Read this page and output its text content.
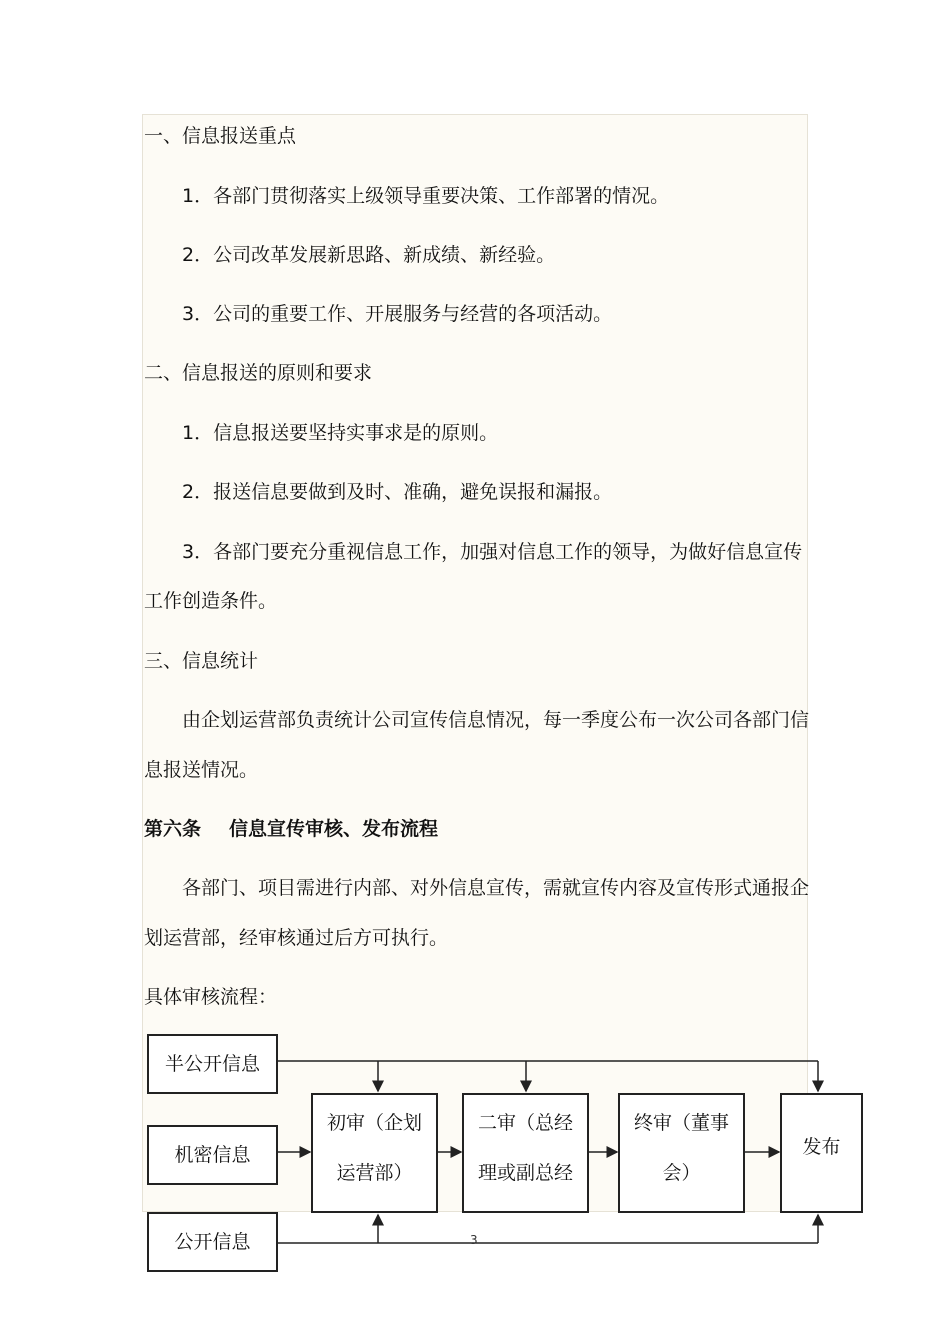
一、信息报送重点
1．各部门贯彻落实上级领导重要决策、工作部署的情况。
2．公司改革发展新思路、新成绩、新经验。
3．公司的重要工作、开展服务与经营的各项活动。
二、信息报送的原则和要求
1．信息报送要坚持实事求是的原则。
2．报送信息要做到及时、准确，避免误报和漏报。
3．各部门要充分重视信息工作，加强对信息工作的领导，为做好信息宣传
工作创造条件。
三、信息统计
由企划运营部负责统计公司宣传信息情况，每一季度公布一次公司各部门信
息报送情况。
第六条 信息宣传审核、发布流程
各部门、项目需进行内部、对外信息宣传，需就宣传内容及宣传形式通报企
划运营部，经审核通过后方可执行。
具体审核流程：
半公开信息
机密信息
公开信息
初审（企划
运营部）
二审（总经
理或副总经
终审（董事
会）
发布
3
